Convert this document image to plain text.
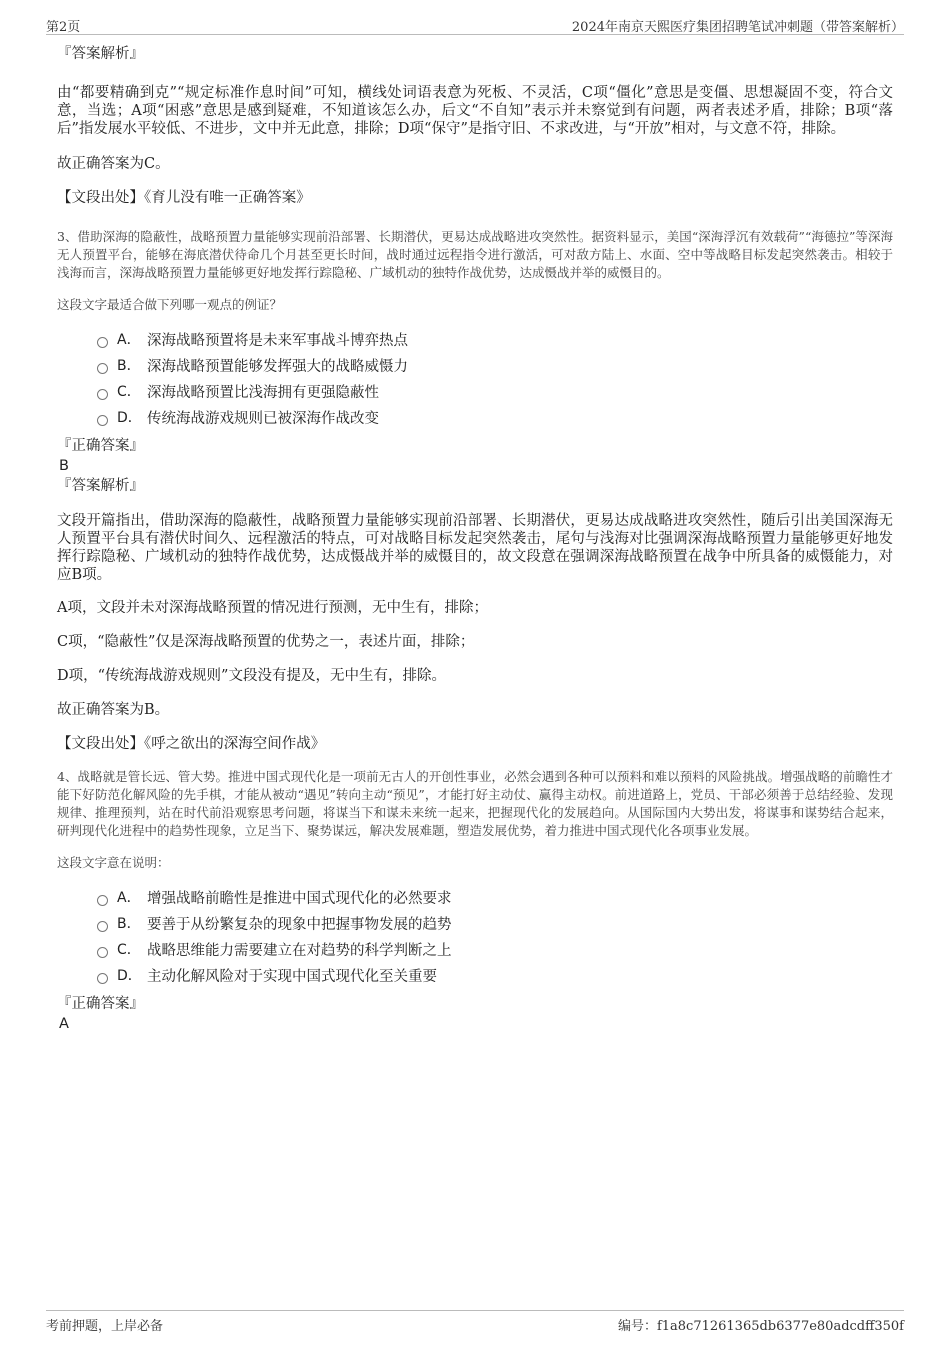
第2页	2024年南京天熙医疗集团招聘笔试冲刺题（带答案解析）

『答案解析』

由“都要精确到克”“规定标准作息时间”可知，横线处词语表意为死板、不灵活，C项“僵化”意思是变僵、思想凝固不变，符合文意，当选；A项“困惑”意思是感到疑难，不知道该怎么办，后文“不自知”表示并未察觉到有问题，两者表述矛盾，排除；B项“落后”指发展水平较低、不进步，文中并无此意，排除；D项“保守”是指守旧、不求改进，与“开放”相对，与文意不符，排除。

故正确答案为C。

【文段出处】《育儿没有唯一正确答案》

3、借助深海的隐蔽性，战略预置力量能够实现前沿部署、长期潜伏，更易达成战略进攻突然性。据资料显示，美国“深海浮沉有效载荷”“海德拉”等深海无人预置平台，能够在海底潜伏待命几个月甚至更长时间，战时通过远程指令进行激活，可对敌方陆上、水面、空中等战略目标发起突然袭击。相较于浅海而言，深海战略预置力量能够更好地发挥行踪隐秘、广域机动的独特作战优势，达成慑战并举的威慑目的。

这段文字最适合做下列哪一观点的例证？

A． 深海战略预置将是未来军事战斗博弈热点
B． 深海战略预置能够发挥强大的战略威慑力
C． 深海战略预置比浅海拥有更强隐蔽性
D． 传统海战游戏规则已被深海作战改变

『正确答案』

B

『答案解析』

文段开篇指出，借助深海的隐蔽性，战略预置力量能够实现前沿部署、长期潜伏，更易达成战略进攻突然性，随后引出美国深海无人预置平台具有潜伏时间久、远程激活的特点，可对战略目标发起突然袭击，尾句与浅海对比强调深海战略预置力量能够更好地发挥行踪隐秘、广域机动的独特作战优势，达成慑战并举的威慑目的，故文段意在强调深海战略预置在战争中所具备的威慑能力，对应B项。

A项，文段并未对深海战略预置的情况进行预测，无中生有，排除；

C项，“隐蔽性”仅是深海战略预置的优势之一，表述片面，排除；

D项，“传统海战游戏规则”文段没有提及，无中生有，排除。

故正确答案为B。

【文段出处】《呼之欲出的深海空间作战》

4、战略就是管长远、管大势。推进中国式现代化是一项前无古人的开创性事业，必然会遇到各种可以预料和难以预料的风险挑战。增强战略的前瞻性才能下好防范化解风险的先手棋，才能从被动“遇见”转向主动“预见”，才能打好主动仗、赢得主动权。前进道路上，党员、干部必须善于总结经验、发现规律、推理预判，站在时代前沿观察思考问题，将谋当下和谋未来统一起来，把握现代化的发展趋向。从国际国内大势出发，将谋事和谋势结合起来，研判现代化进程中的趋势性现象，立足当下、聚势谋远，解决发展难题，塑造发展优势，着力推进中国式现代化各项事业发展。

这段文字意在说明：

A． 增强战略前瞻性是推进中国式现代化的必然要求
B． 要善于从纷繁复杂的现象中把握事物发展的趋势
C． 战略思维能力需要建立在对趋势的科学判断之上
D． 主动化解风险对于实现中国式现代化至关重要

『正确答案』

A

考前押题，上岸必备	编号：f1a8c71261365db6377e80adcdff350f
